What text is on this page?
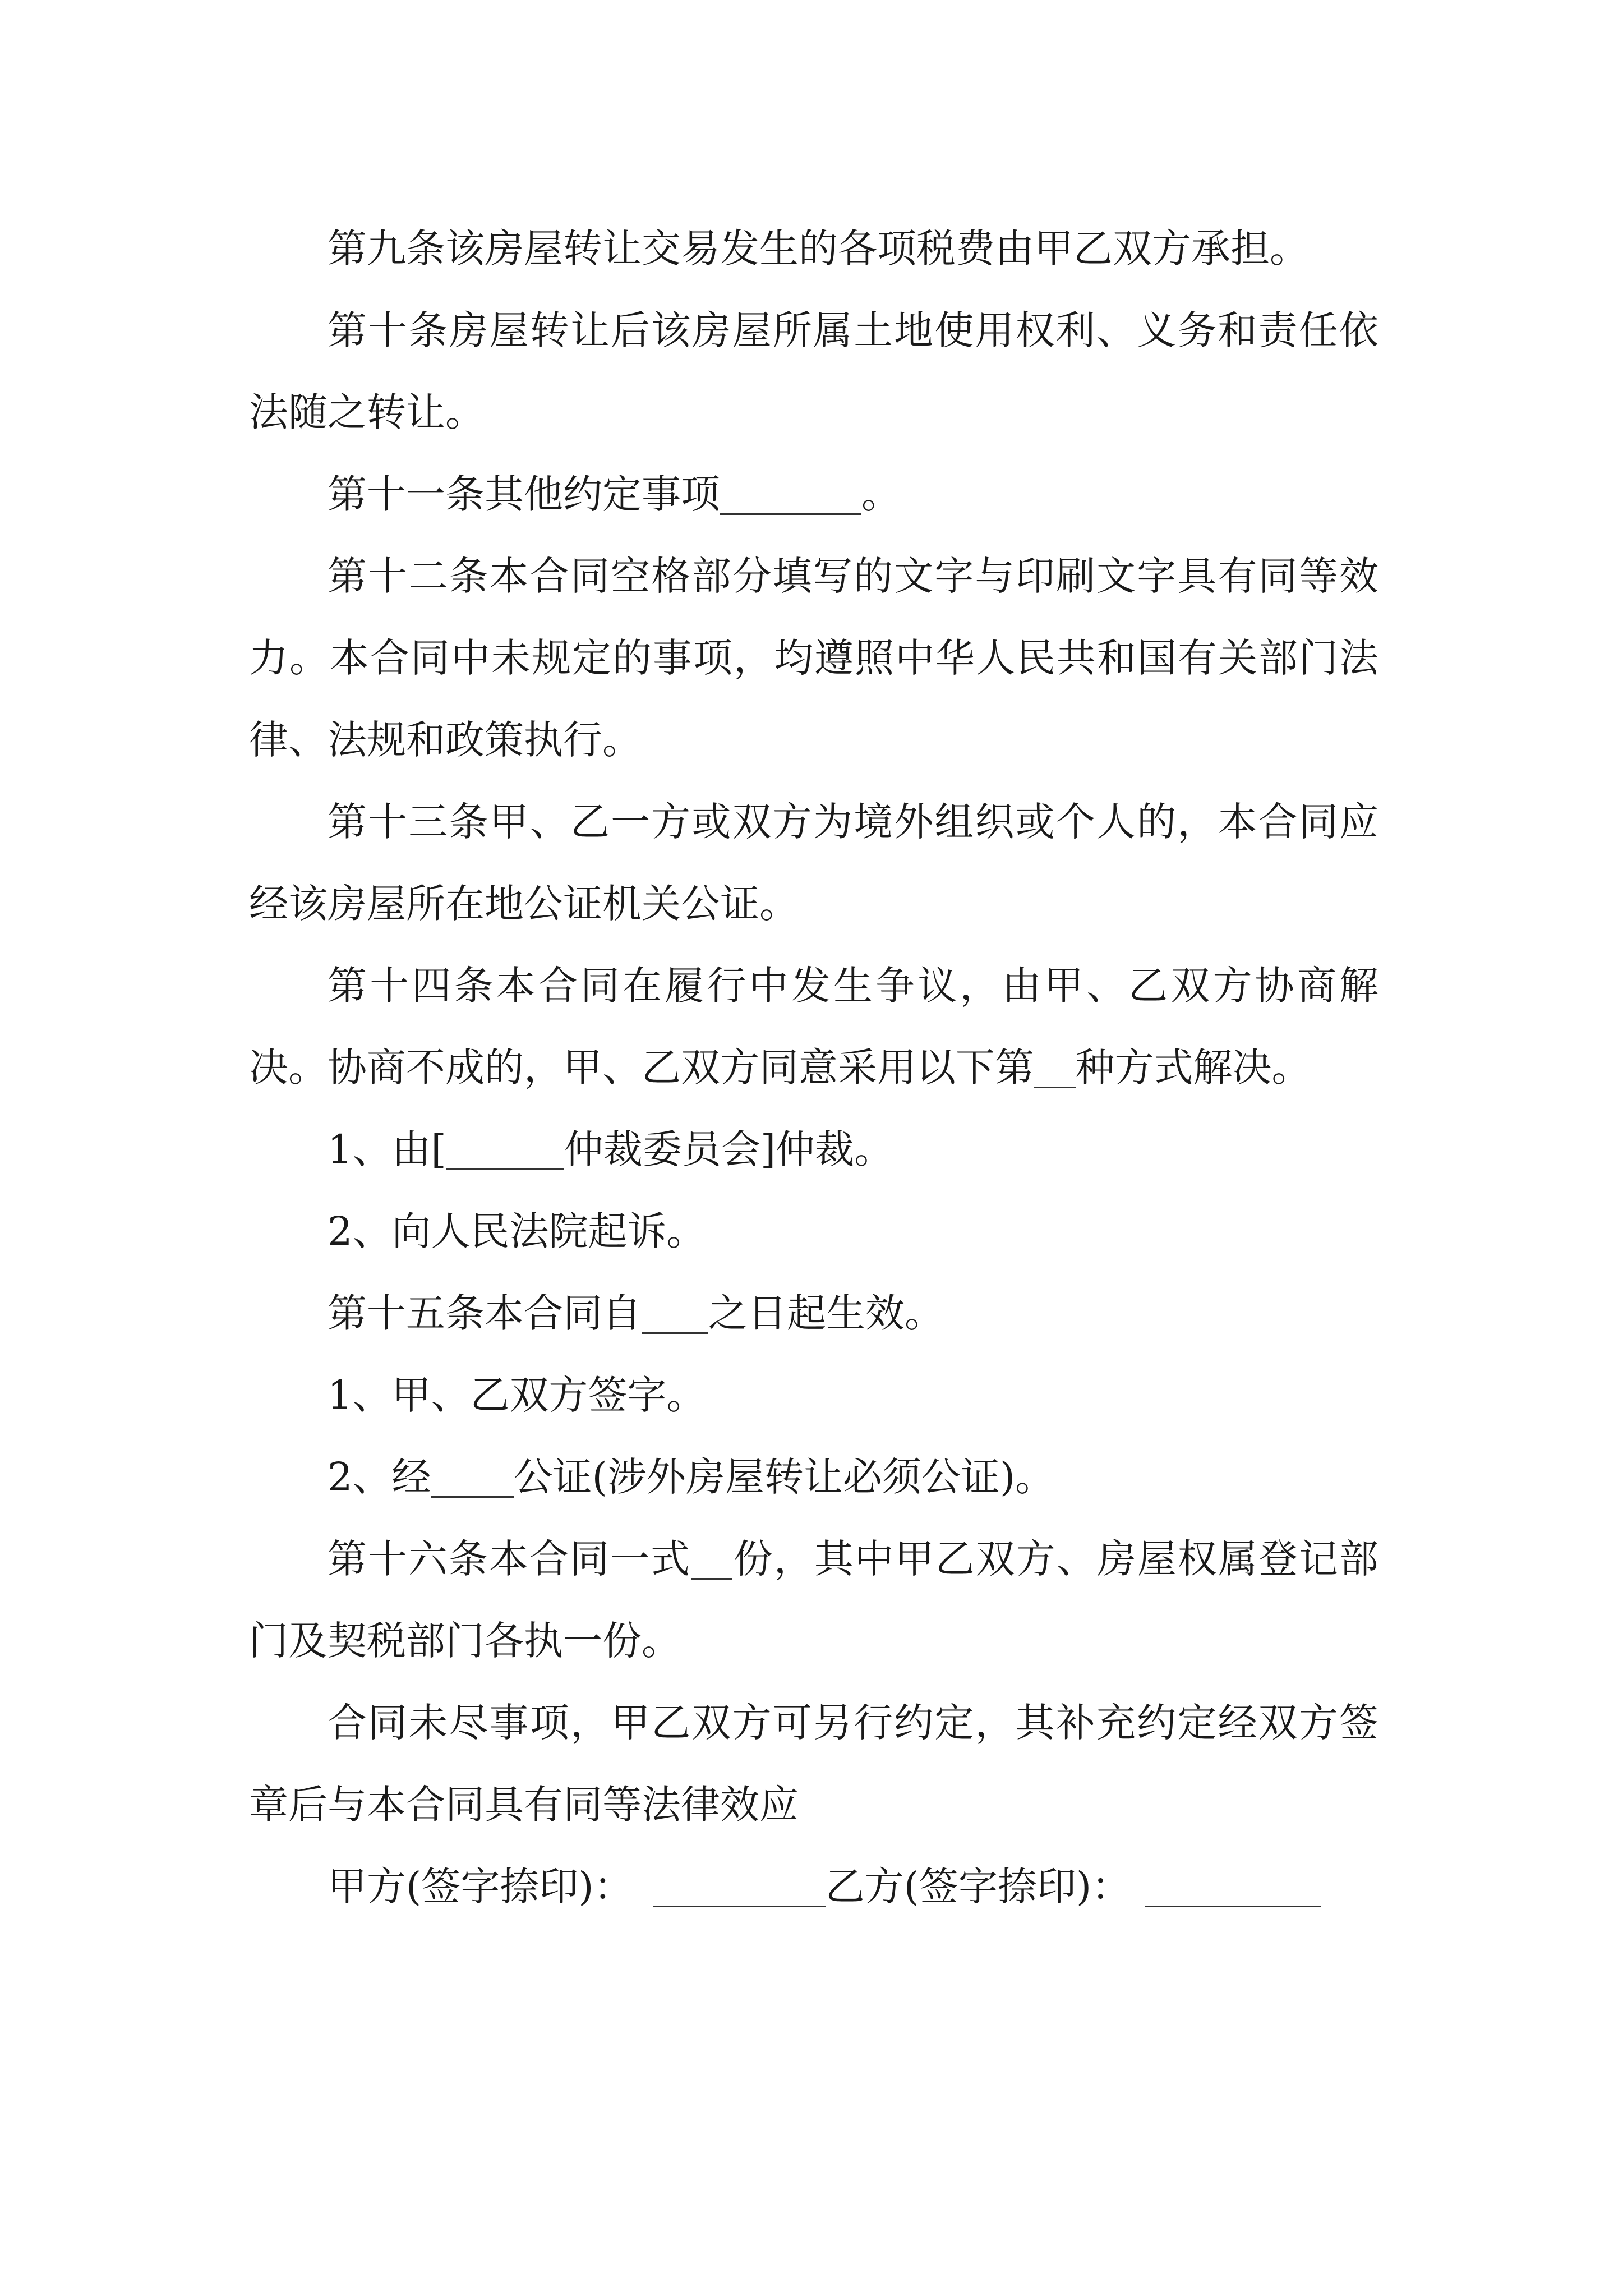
第九条该房屋转让交易发生的各项税费由甲乙双方承担。

第十条房屋转让后该房屋所属土地使用权利、义务和责任依法随之转让。

第十一条其他约定事项	。

第十二条本合同空格部分填写的文字与印刷文字具有同等效力。本合同中未规定的事项，均遵照中华人民共和国有关部门法律、法规和政策执行。

第十三条甲、乙一方或双方为境外组织或个人的，本合同应经该房屋所在地公证机关公证。

第十四条本合同在履行中发生争议，由甲、乙双方协商解决。协商不成的，甲、乙双方同意采用以下第 种方式解决。

1、由[	仲裁委员会]仲裁。

2、向人民法院起诉。

第十五条本合同自 之日起生效。

1、甲、乙双方签字。

2、经 公证(涉外房屋转让必须公证)。

第十六条本合同一式 份，其中甲乙双方、房屋权属登记部门及契税部门各执一份。

合同未尽事项，甲乙双方可另行约定，其补充约定经双方签章后与本合同具有同等法律效应

甲方(签字捺印)：	乙方(签字捺印)：
